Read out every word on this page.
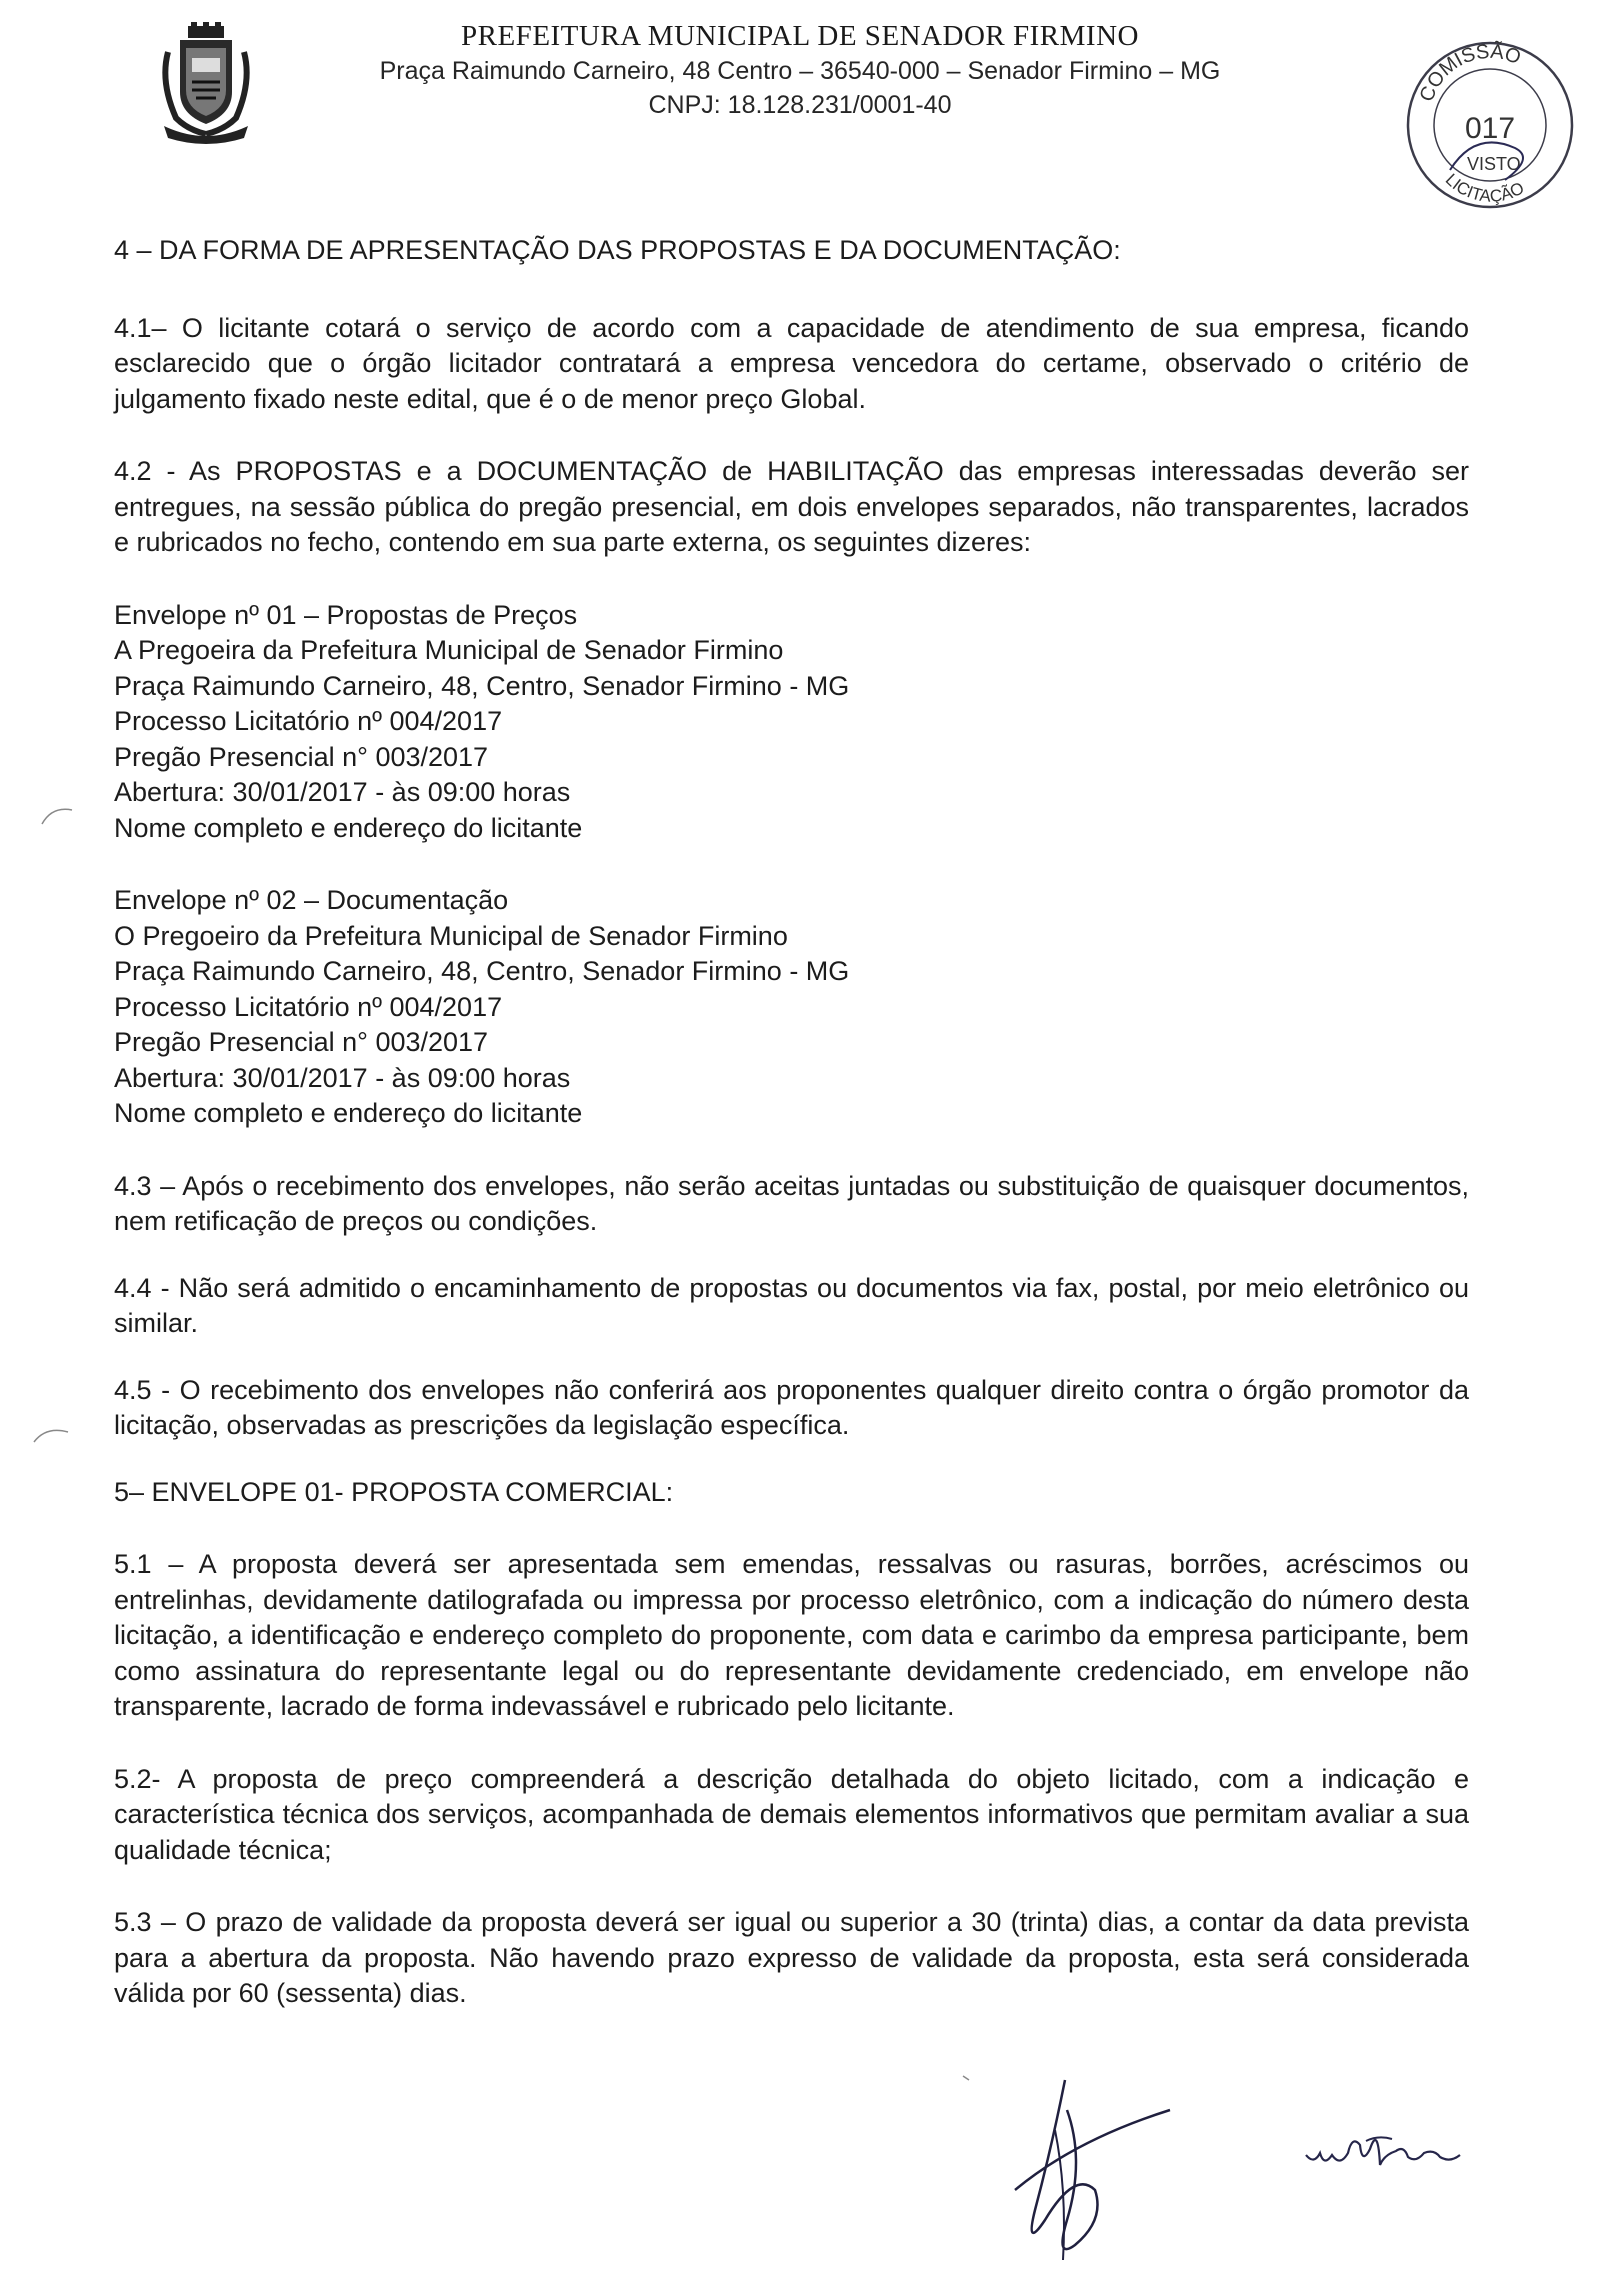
PREFEITURA MUNICIPAL DE SENADOR FIRMINO
Praça Raimundo Carneiro, 48 Centro – 36540-000 – Senador Firmino – MG
CNPJ: 18.128.231/0001-40	COMISSÃO
017
VISTO
LICITAÇÃO

4 – DA FORMA DE APRESENTAÇÃO DAS PROPOSTAS E DA DOCUMENTAÇÃO:

4.1– O licitante cotará o serviço de acordo com a capacidade de atendimento de sua empresa, ficando esclarecido que o órgão licitador contratará a empresa vencedora do certame, observado o critério de julgamento fixado neste edital, que é o de menor preço Global.

4.2 - As PROPOSTAS e a DOCUMENTAÇÃO de HABILITAÇÃO das empresas interessadas deverão ser entregues, na sessão pública do pregão presencial, em dois envelopes separados, não transparentes, lacrados e rubricados no fecho, contendo em sua parte externa, os seguintes dizeres:

Envelope nº 01 – Propostas de Preços

A Pregoeira da Prefeitura Municipal de Senador Firmino

Praça Raimundo Carneiro, 48, Centro, Senador Firmino - MG

Processo Licitatório nº 004/2017

Pregão Presencial n° 003/2017

Abertura: 30/01/2017 - às 09:00 horas

Nome completo e endereço do licitante

Envelope nº 02 – Documentação

O Pregoeiro da Prefeitura Municipal de Senador Firmino

Praça Raimundo Carneiro, 48, Centro, Senador Firmino - MG

Processo Licitatório nº 004/2017

Pregão Presencial n° 003/2017

Abertura: 30/01/2017 - às 09:00 horas

Nome completo e endereço do licitante

4.3 – Após o recebimento dos envelopes, não serão aceitas juntadas ou substituição de quaisquer documentos, nem retificação de preços ou condições.

4.4 - Não será admitido o encaminhamento de propostas ou documentos via fax, postal, por meio eletrônico ou similar.

4.5 - O recebimento dos envelopes não conferirá aos proponentes qualquer direito contra o órgão promotor da licitação, observadas as prescrições da legislação específica.

5– ENVELOPE 01- PROPOSTA COMERCIAL:

5.1 – A proposta deverá ser apresentada sem emendas, ressalvas ou rasuras, borrões, acréscimos ou entrelinhas, devidamente datilografada ou impressa por processo eletrônico, com a indicação do número desta licitação, a identificação e endereço completo do proponente, com data e carimbo da empresa participante, bem como assinatura do representante legal ou do representante devidamente credenciado, em envelope não transparente, lacrado de forma indevassável e rubricado pelo licitante.

5.2- A proposta de preço compreenderá a descrição detalhada do objeto licitado, com a indicação e característica técnica dos serviços, acompanhada de demais elementos informativos que permitam avaliar a sua qualidade técnica;

5.3 – O prazo de validade da proposta deverá ser igual ou superior a 30 (trinta) dias, a contar da data prevista para a abertura da proposta. Não havendo prazo expresso de validade da proposta, esta será considerada válida por 60 (sessenta) dias.
